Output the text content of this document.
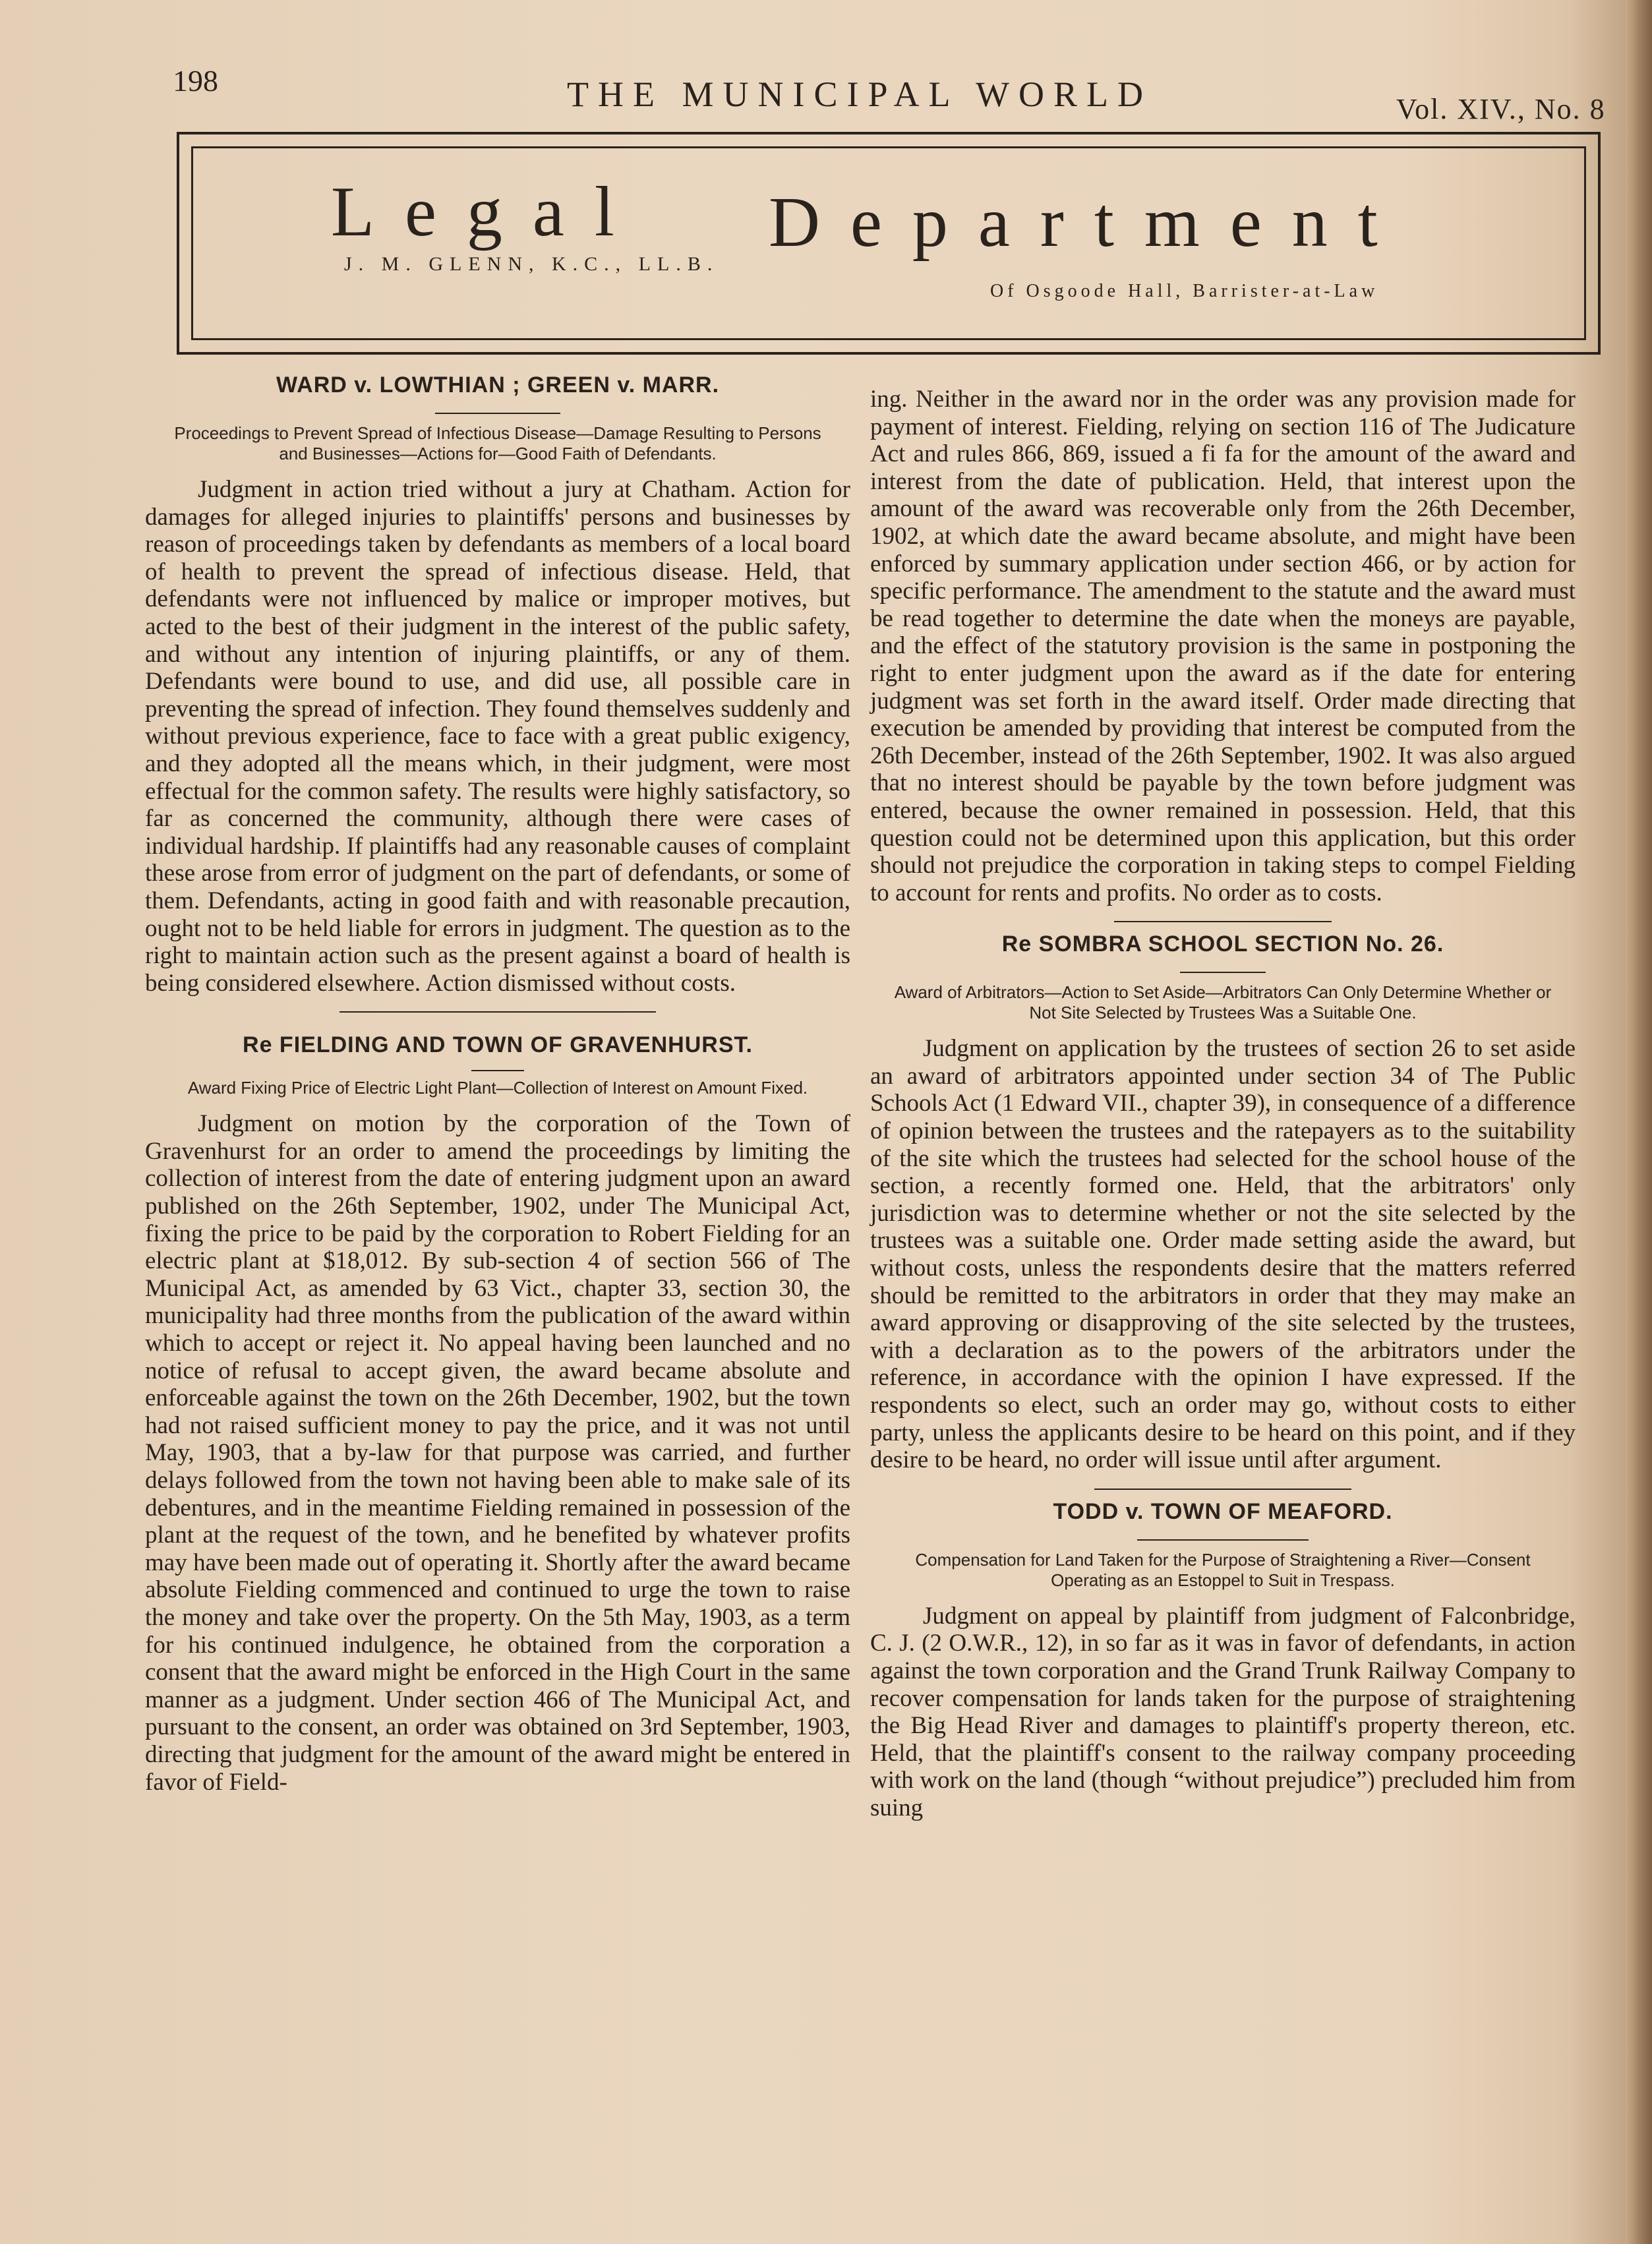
198	THE MUNICIPAL WORLD	Vol. XIV., No. 8
Legal Department
J. M. GLENN, K.C., LL.B.
Of Osgoode Hall, Barrister-at-Law
WARD v. LOWTHIAN ; GREEN v. MARR.

Proceedings to Prevent Spread of Infectious Disease—Damage Resulting to Persons and Businesses—Actions for—Good Faith of Defendants.

Judgment in action tried without a jury at Chatham. Action for damages for alleged injuries to plaintiffs' persons and businesses by reason of proceedings taken by defendants as members of a local board of health to prevent the spread of infectious disease. Held, that defendants were not influenced by malice or improper motives, but acted to the best of their judgment in the interest of the public safety, and without any intention of injuring plaintiffs, or any of them. Defendants were bound to use, and did use, all possible care in preventing the spread of infection. They found themselves suddenly and without previous experience, face to face with a great public exigency, and they adopted all the means which, in their judgment, were most effectual for the common safety. The results were highly satisfactory, so far as concerned the community, although there were cases of individual hardship. If plaintiffs had any reasonable causes of complaint these arose from error of judgment on the part of defendants, or some of them. Defendants, acting in good faith and with reasonable precaution, ought not to be held liable for errors in judgment. The question as to the right to maintain action such as the present against a board of health is being considered elsewhere. Action dismissed without costs.

Re FIELDING AND TOWN OF GRAVENHURST.

Award Fixing Price of Electric Light Plant—Collection of Interest on Amount Fixed.

Judgment on motion by the corporation of the Town of Gravenhurst for an order to amend the proceedings by limiting the collection of interest from the date of entering judgment upon an award published on the 26th September, 1902, under The Municipal Act, fixing the price to be paid by the corporation to Robert Fielding for an electric plant at $18,012. By sub-section 4 of section 566 of The Municipal Act, as amended by 63 Vict., chapter 33, section 30, the municipality had three months from the publication of the award within which to accept or reject it. No appeal having been launched and no notice of refusal to accept given, the award became absolute and enforceable against the town on the 26th December, 1902, but the town had not raised sufficient money to pay the price, and it was not until May, 1903, that a by-law for that purpose was carried, and further delays followed from the town not having been able to make sale of its debentures, and in the meantime Fielding remained in possession of the plant at the request of the town, and he benefited by whatever profits may have been made out of operating it. Shortly after the award became absolute Fielding commenced and continued to urge the town to raise the money and take over the property. On the 5th May, 1903, as a term for his continued indulgence, he obtained from the corporation a consent that the award might be enforced in the High Court in the same manner as a judgment. Under section 466 of The Municipal Act, and pursuant to the consent, an order was obtained on 3rd September, 1903, directing that judgment for the amount of the award might be entered in favor of Field-

ing. Neither in the award nor in the order was any provision made for payment of interest. Fielding, relying on section 116 of The Judicature Act and rules 866, 869, issued a fi fa for the amount of the award and interest from the date of publication. Held, that interest upon the amount of the award was recoverable only from the 26th December, 1902, at which date the award became absolute, and might have been enforced by summary application under section 466, or by action for specific performance. The amendment to the statute and the award must be read together to determine the date when the moneys are payable, and the effect of the statutory provision is the same in postponing the right to enter judgment upon the award as if the date for entering judgment was set forth in the award itself. Order made directing that execution be amended by providing that interest be computed from the 26th December, instead of the 26th September, 1902. It was also argued that no interest should be payable by the town before judgment was entered, because the owner remained in possession. Held, that this question could not be determined upon this application, but this order should not prejudice the corporation in taking steps to compel Fielding to account for rents and profits. No order as to costs.

Re SOMBRA SCHOOL SECTION No. 26.

Award of Arbitrators—Action to Set Aside—Arbitrators Can Only Determine Whether or Not Site Selected by Trustees Was a Suitable One.

Judgment on application by the trustees of section 26 to set aside an award of arbitrators appointed under section 34 of The Public Schools Act (1 Edward VII., chapter 39), in consequence of a difference of opinion between the trustees and the ratepayers as to the suitability of the site which the trustees had selected for the school house of the section, a recently formed one. Held, that the arbitrators' only jurisdiction was to determine whether or not the site selected by the trustees was a suitable one. Order made setting aside the award, but without costs, unless the respondents desire that the matters referred should be remitted to the arbitrators in order that they may make an award approving or disapproving of the site selected by the trustees, with a declaration as to the powers of the arbitrators under the reference, in accordance with the opinion I have expressed. If the respondents so elect, such an order may go, without costs to either party, unless the applicants desire to be heard on this point, and if they desire to be heard, no order will issue until after argument.

TODD v. TOWN OF MEAFORD.

Compensation for Land Taken for the Purpose of Straightening a River—Consent Operating as an Estoppel to Suit in Trespass.

Judgment on appeal by plaintiff from judgment of Falconbridge, C. J. (2 O.W.R., 12), in so far as it was in favor of defendants, in action against the town corporation and the Grand Trunk Railway Company to recover compensation for lands taken for the purpose of straightening the Big Head River and damages to plaintiff's property thereon, etc. Held, that the plaintiff's consent to the railway company proceeding with work on the land (though “without prejudice”) precluded him from suing
